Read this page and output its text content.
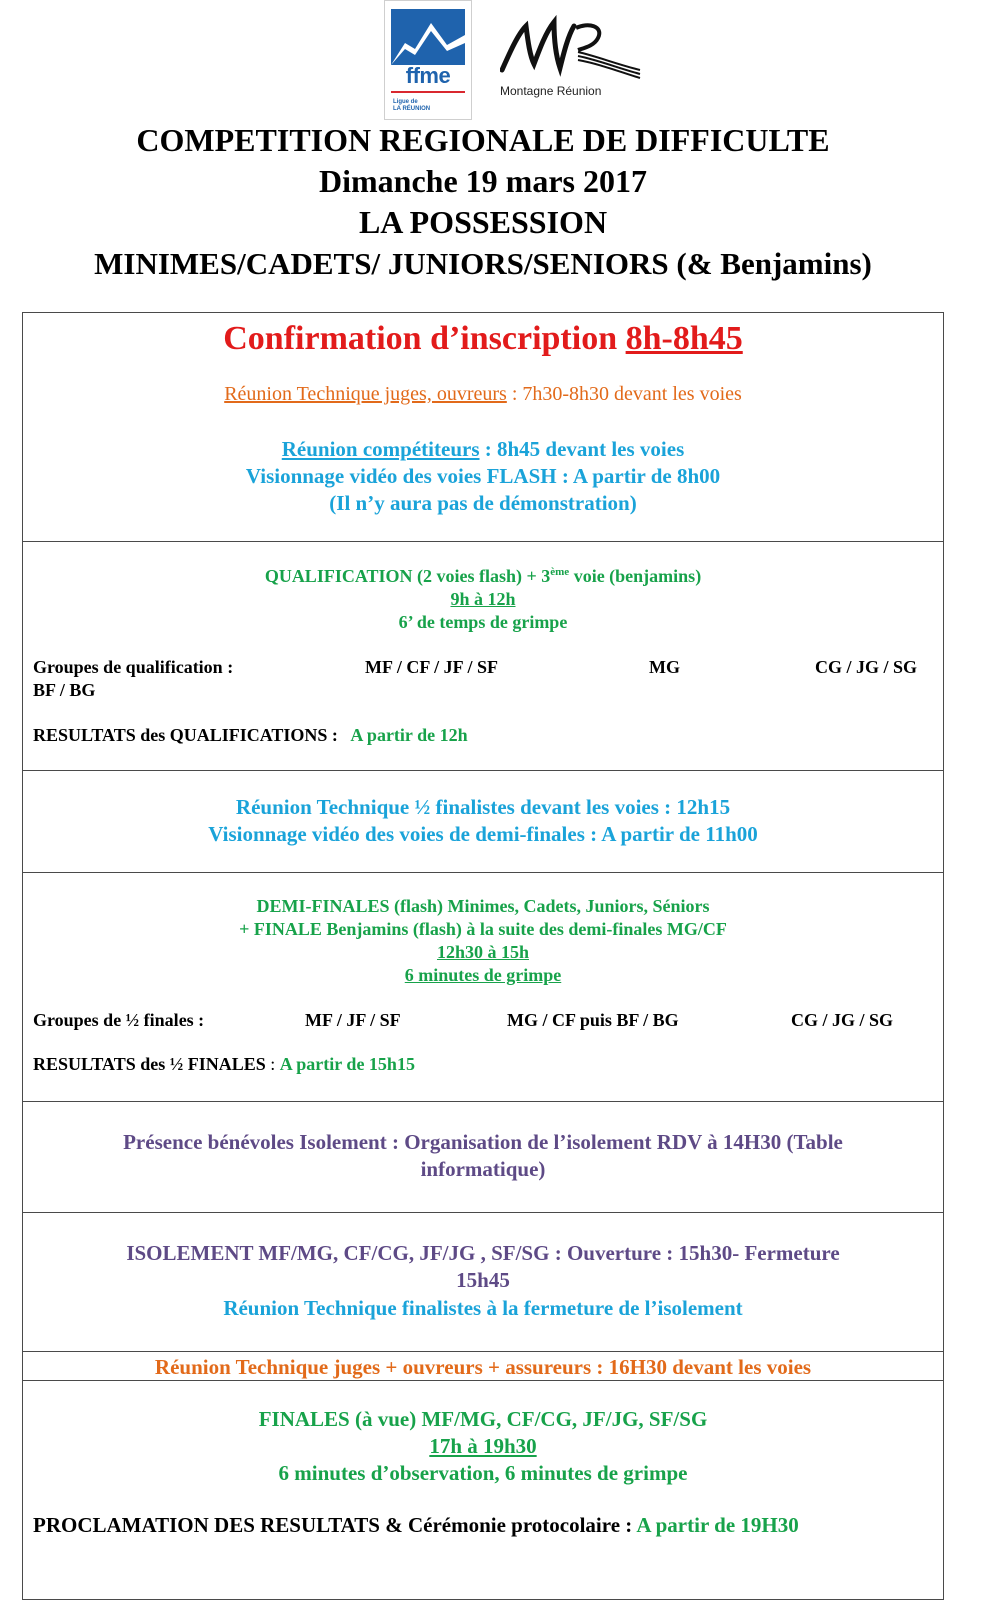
ffme
Ligue de
LA RÉUNION
Montagne Réunion
COMPETITION REGIONALE DE DIFFICULTE
Dimanche 19 mars 2017
LA POSSESSION
MINIMES/CADETS/ JUNIORS/SENIORS (& Benjamins)
Confirmation d’inscription 8h-8h45
Réunion Technique juges, ouvreurs : 7h30-8h30 devant les voies
Réunion compétiteurs : 8h45 devant les voies
Visionnage vidéo des voies FLASH : A partir de 8h00
(Il n’y aura pas de démonstration)
QUALIFICATION (2 voies flash) + 3ème voie (benjamins)
9h à 12h
6’ de temps de grimpe
Groupes de qualification :	MF / CF / JF / SF	MG	CG / JG / SG
BF / BG
RESULTATS des QUALIFICATIONS : A partir de 12h
Réunion Technique ½ finalistes devant les voies : 12h15
Visionnage vidéo des voies de demi-finales : A partir de 11h00
DEMI-FINALES (flash) Minimes, Cadets, Juniors, Séniors
+ FINALE Benjamins (flash) à la suite des demi-finales MG/CF
12h30 à 15h
6 minutes de grimpe
Groupes de ½ finales :	MF / JF / SF	MG / CF puis BF / BG	CG / JG / SG
RESULTATS des ½ FINALES : A partir de 15h15
Présence bénévoles Isolement : Organisation de l’isolement RDV à 14H30 (Table
informatique)
ISOLEMENT MF/MG, CF/CG, JF/JG , SF/SG : Ouverture : 15h30- Fermeture
15h45
Réunion Technique finalistes à la fermeture de l’isolement
Réunion Technique juges + ouvreurs + assureurs : 16H30 devant les voies
FINALES (à vue) MF/MG, CF/CG, JF/JG, SF/SG
17h à 19h30
6 minutes d’observation, 6 minutes de grimpe
PROCLAMATION DES RESULTATS & Cérémonie protocolaire : A partir de 19H30
